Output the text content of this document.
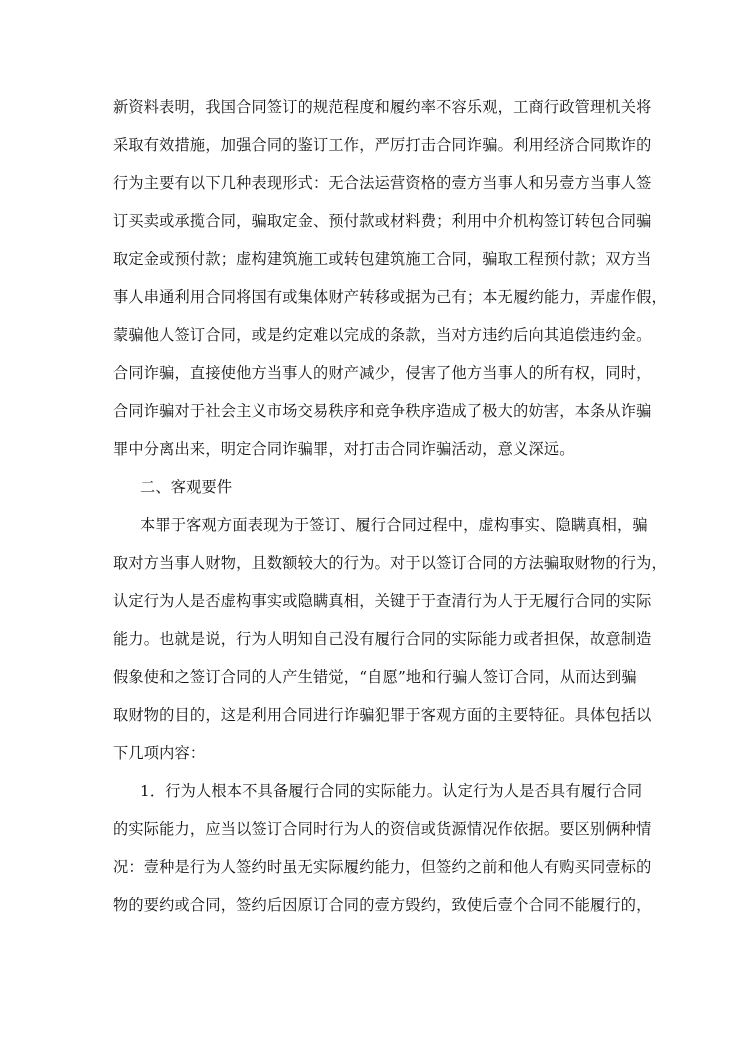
新资料表明，我国合同签订的规范程度和履约率不容乐观，工商行政管理机关将
采取有效措施，加强合同的鉴订工作，严厉打击合同诈骗。利用经济合同欺诈的
行为主要有以下几种表现形式：无合法运营资格的壹方当事人和另壹方当事人签
订买卖或承揽合同，骗取定金、预付款或材料费；利用中介机构签订转包合同骗
取定金或预付款；虚构建筑施工或转包建筑施工合同，骗取工程预付款；双方当
事人串通利用合同将国有或集体财产转移或据为己有；本无履约能力，弄虚作假，
蒙骗他人签订合同，或是约定难以完成的条款，当对方违约后向其追偿违约金。
合同诈骗，直接使他方当事人的财产减少，侵害了他方当事人的所有权，同时，
合同诈骗对于社会主义市场交易秩序和竞争秩序造成了极大的妨害，本条从诈骗
罪中分离出来，明定合同诈骗罪，对打击合同诈骗活动，意义深远。
二、客观要件
本罪于客观方面表现为于签订、履行合同过程中，虚构事实、隐瞒真相，骗
取对方当事人财物，且数额较大的行为。对于以签订合同的方法骗取财物的行为，
认定行为人是否虚构事实或隐瞒真相，关键于于查清行为人于无履行合同的实际
能力。也就是说，行为人明知自己没有履行合同的实际能力或者担保，故意制造
假象使和之签订合同的人产生错觉，“自愿”地和行骗人签订合同，从而达到骗
取财物的目的，这是利用合同进行诈骗犯罪于客观方面的主要特征。具体包括以
下几项内容：
1．行为人根本不具备履行合同的实际能力。认定行为人是否具有履行合同
的实际能力，应当以签订合同时行为人的资信或货源情况作依据。要区别俩种情
况：壹种是行为人签约时虽无实际履约能力，但签约之前和他人有购买同壹标的
物的要约或合同，签约后因原订合同的壹方毁约，致使后壹个合同不能履行的，
